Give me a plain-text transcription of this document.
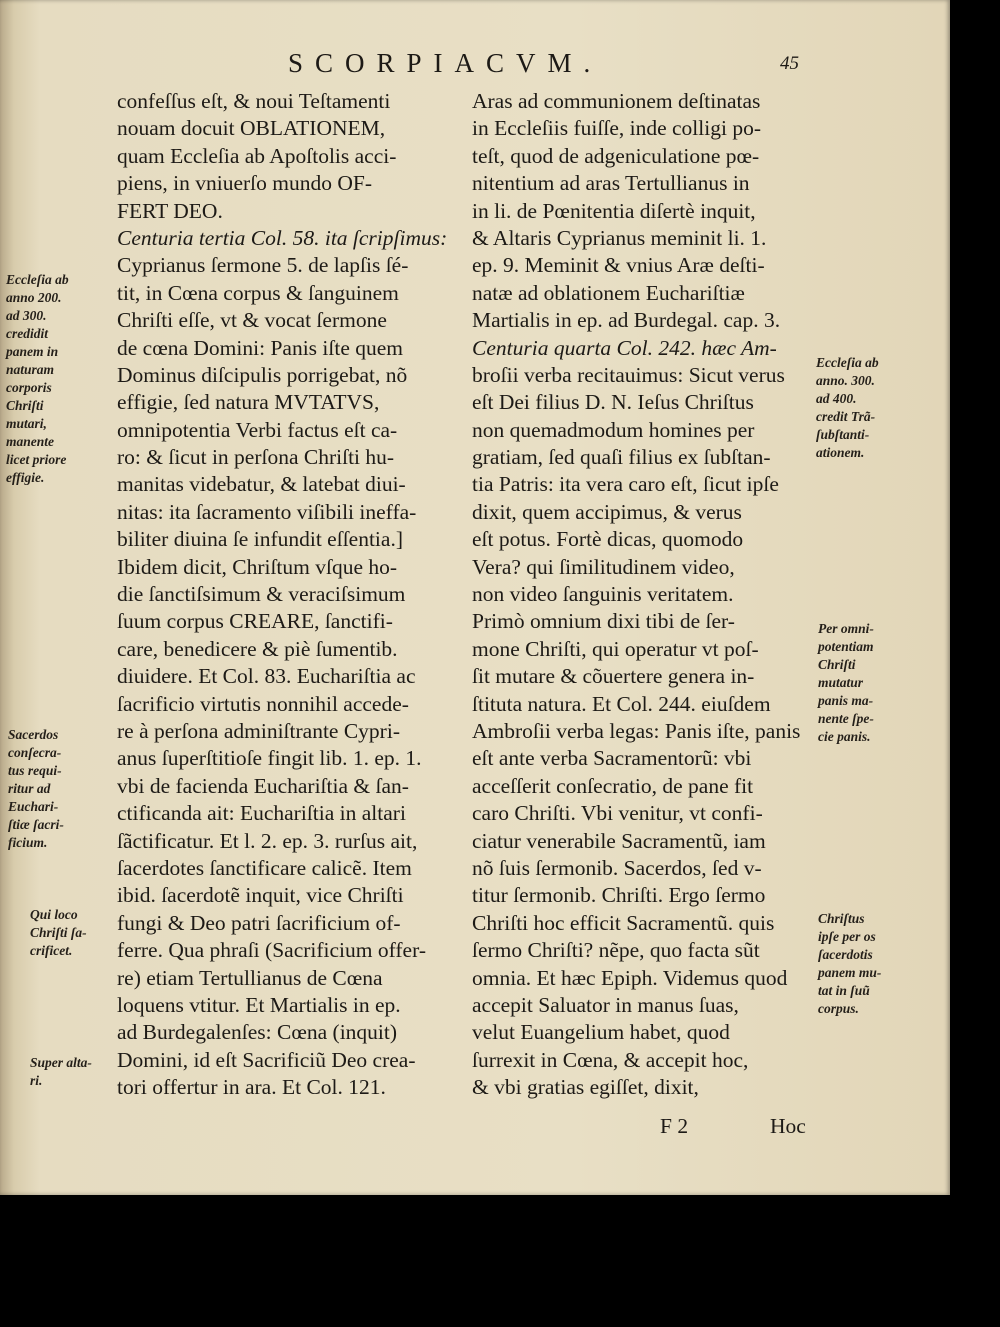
SCORPIACVM.	45
confeſſus eſt, & noui Teſtamenti
nouam docuit OBLATIONEM,
quam Eccleſia ab Apoſtolis acci-
piens, in vniuerſo mundo OF-
FERT DEO.
Centuria tertia Col. 58. ita ſcripſimus:
Cyprianus ſermone 5. de lapſis ſé-
tit, in Cœna corpus & ſanguinem
Chriſti eſſe, vt & vocat ſermone
de cœna Domini: Panis iſte quem
Dominus diſcipulis porrigebat, nõ
effigie, ſed natura MVTATVS,
omnipotentia Verbi factus eſt ca-
ro: & ſicut in perſona Chriſti hu-
manitas videbatur, & latebat diui-
nitas: ita ſacramento viſibili ineffa-
biliter diuina ſe infundit eſſentia.]
Ibidem dicit, Chriſtum vſque ho-
die ſanctiſsimum & veraciſsimum
ſuum corpus CREARE, ſanctifi-
care, benedicere & piè ſumentib.
diuidere. Et Col. 83. Euchariſtia ac
ſacrificio virtutis nonnihil accede-
re à perſona adminiſtrante Cypri-
anus ſuperſtitioſe fingit lib. 1. ep. 1.
vbi de facienda Euchariſtia & ſan-
ctificanda ait: Euchariſtia in altari
ſãctificatur. Et l. 2. ep. 3. rurſus ait,
ſacerdotes ſanctificare calicẽ. Item
ibid. ſacerdotẽ inquit, vice Chriſti
fungi & Deo patri ſacrificium of-
ferre. Qua phraſi (Sacrificium offer-
re) etiam Tertullianus de Cœna
loquens vtitur. Et Martialis in ep.
ad Burdegalenſes: Cœna (inquit)
Domini, id eſt Sacrificiũ Deo crea-
tori offertur in ara. Et Col. 121.
Aras ad communionem deſtinatas
in Eccleſiis fuiſſe, inde colligi po-
teſt, quod de adgeniculatione pœ-
nitentium ad aras Tertullianus in
in li. de Pœnitentia diſertè inquit,
& Altaris Cyprianus meminit li. 1.
ep. 9. Meminit & vnius Aræ deſti-
natæ ad oblationem Euchariſtiæ
Martialis in ep. ad Burdegal. cap. 3.
Centuria quarta Col. 242. hæc Am-
broſii verba recitauimus: Sicut verus
eſt Dei filius D. N. Ieſus Chriſtus
non quemadmodum homines per
gratiam, ſed quaſi filius ex ſubſtan-
tia Patris: ita vera caro eſt, ſicut ipſe
dixit, quem accipimus, & verus
eſt potus. Fortè dicas, quomodo
Vera? qui ſimilitudinem video,
non video ſanguinis veritatem.
Primò omnium dixi tibi de ſer-
mone Chriſti, qui operatur vt poſ-
ſit mutare & cõuertere genera in-
ſtituta natura. Et Col. 244. eiuſdem
Ambroſii verba legas: Panis iſte, panis
eſt ante verba Sacramentorũ: vbi
acceſſerit conſecratio, de pane fit
caro Chriſti. Vbi venitur, vt confi-
ciatur venerabile Sacramentũ, iam
nõ ſuis ſermonib. Sacerdos, ſed v-
titur ſermonib. Chriſti. Ergo ſermo
Chriſti hoc efficit Sacramentũ. quis
ſermo Chriſti? nẽpe, quo facta sũt
omnia. Et hæc Epiph. Videmus quod
accepit Saluator in manus ſuas,
velut Euangelium habet, quod
ſurrexit in Cœna, & accepit hoc,
& vbi gratias egiſſet, dixit,
Eccleſia ab
anno 200.
ad 300.
credidit
panem in
naturam
corporis
Chriſti
mutari,
manente
licet priore
effigie.
Sacerdos
conſecra-
tus requi-
ritur ad
Euchari-
ſtiæ ſacri-
ficium.
Qui loco
Chriſti ſa-
crificet.
Super alta-
ri.
Eccleſia ab
anno. 300.
ad 400.
credit Trã-
ſubſtanti-
ationem.
Per omni-
potentiam
Chriſti
mutatur
panis ma-
nente ſpe-
cie panis.
Chriſtus
ipſe per os
ſacerdotis
panem mu-
tat in ſuũ
corpus.
F 2	Hoc
